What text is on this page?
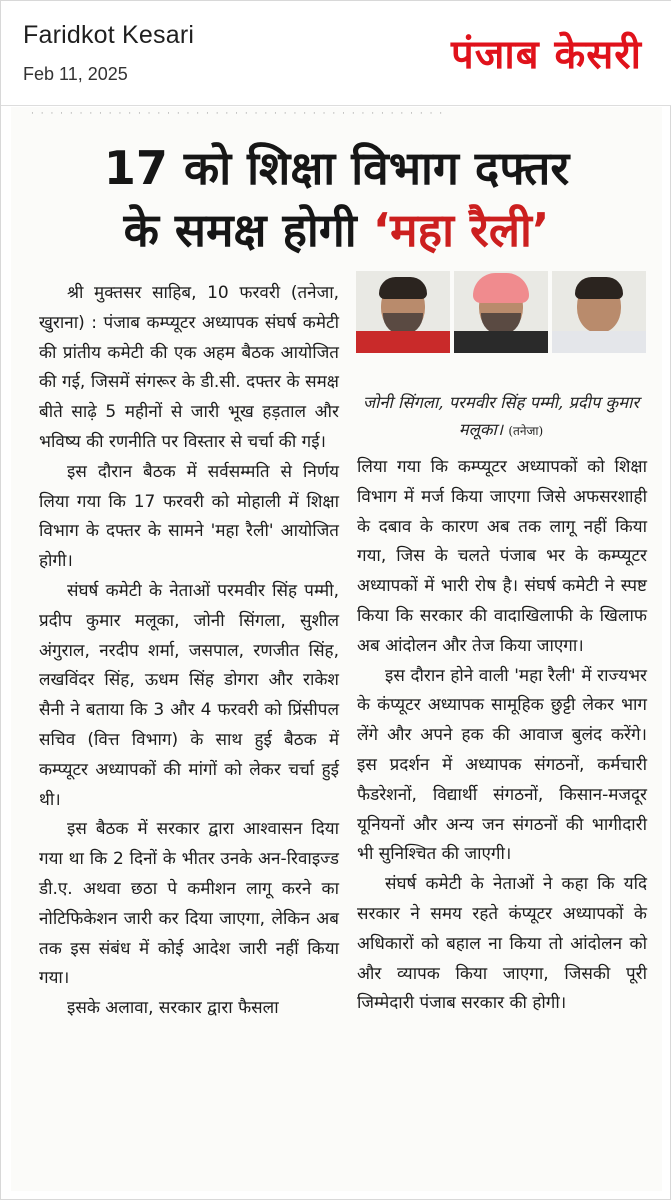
Faridkot Kesari
Feb 11, 2025	पंजाब केसरी
· · · · · · · · · · · · · · · · · · · · · · · · · · · · · · · · · · · · · · · · · · ·
17 को शिक्षा विभाग दफ्तर
के समक्ष होगी ‘महा रैली’

श्री मुक्तसर साहिब, 10 फरवरी (तनेजा, खुराना) : पंजाब कम्प्यूटर अध्यापक संघर्ष कमेटी की प्रांतीय कमेटी की एक अहम बैठक आयोजित की गई, जिसमें संगरूर के डी.सी. दफ्तर के समक्ष बीते साढ़े 5 महीनों से जारी भूख हड़ताल और भविष्य की रणनीति पर विस्तार से चर्चा की गई।

इस दौरान बैठक में सर्वसम्मति से निर्णय लिया गया कि 17 फरवरी को मोहाली में शिक्षा विभाग के दफ्तर के सामने 'महा रैली' आयोजित होगी।

संघर्ष कमेटी के नेताओं परमवीर सिंह पम्मी, प्रदीप कुमार मलूका, जोनी सिंगला, सुशील अंगुराल, नरदीप शर्मा, जसपाल, रणजीत सिंह, लखविंदर सिंह, ऊधम सिंह डोगरा और राकेश सैनी ने बताया कि 3 और 4 फरवरी को प्रिंसीपल सचिव (वित्त विभाग) के साथ हुई बैठक में कम्प्यूटर अध्यापकों की मांगों को लेकर चर्चा हुई थी।

इस बैठक में सरकार द्वारा आश्वासन दिया गया था कि 2 दिनों के भीतर उनके अन-रिवाइज्ड डी.ए. अथवा छठा पे कमीशन लागू करने का नोटिफिकेशन जारी कर दिया जाएगा, लेकिन अब तक इस संबंध में कोई आदेश जारी नहीं किया गया।

इसके अलावा, सरकार द्वारा फैसला

जोनी सिंगला, परमवीर सिंह पम्मी, प्रदीप कुमार मलूका। (तनेजा)

लिया गया कि कम्प्यूटर अध्यापकों को शिक्षा विभाग में मर्ज किया जाएगा जिसे अफसरशाही के दबाव के कारण अब तक लागू नहीं किया गया, जिस के चलते पंजाब भर के कम्प्यूटर अध्यापकों में भारी रोष है। संघर्ष कमेटी ने स्पष्ट किया कि सरकार की वादाखिलाफी के खिलाफ अब आंदोलन और तेज किया जाएगा।

इस दौरान होने वाली 'महा रैली' में राज्यभर के कंप्यूटर अध्यापक सामूहिक छुट्टी लेकर भाग लेंगे और अपने हक की आवाज बुलंद करेंगे। इस प्रदर्शन में अध्यापक संगठनों, कर्मचारी फैडरेशनों, विद्यार्थी संगठनों, किसान-मजदूर यूनियनों और अन्य जन संगठनों की भागीदारी भी सुनिश्चित की जाएगी।

संघर्ष कमेटी के नेताओं ने कहा कि यदि सरकार ने समय रहते कंप्यूटर अध्यापकों के अधिकारों को बहाल ना किया तो आंदोलन को और व्यापक किया जाएगा, जिसकी पूरी जिम्मेदारी पंजाब सरकार की होगी।
